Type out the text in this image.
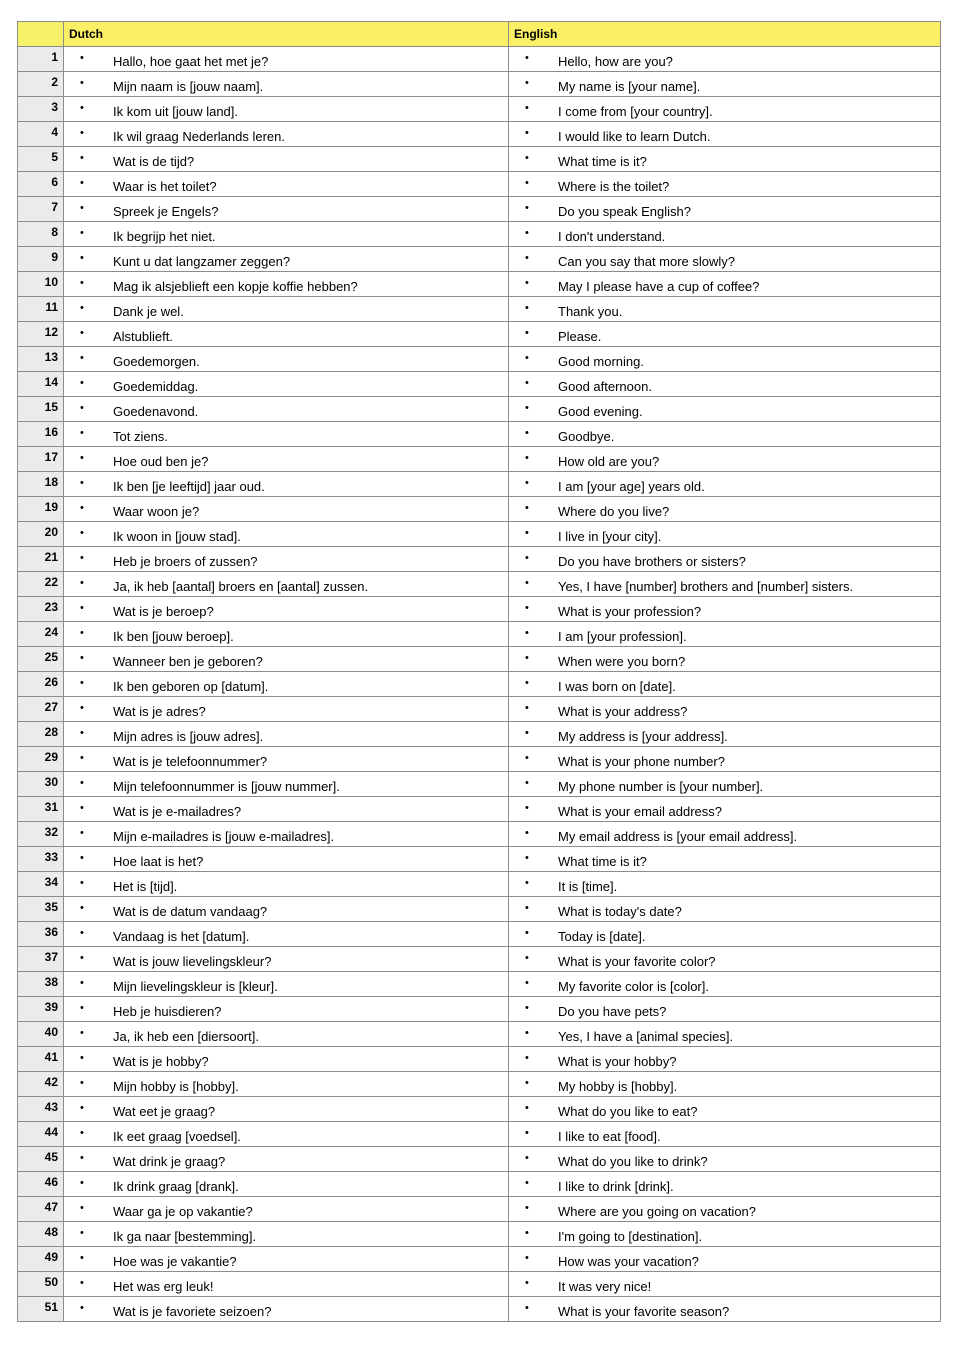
	Dutch	English
1	• Hallo, hoe gaat het met je?	• Hello, how are you?

2	• Mijn naam is [jouw naam].	• My name is [your name].

3	• Ik kom uit [jouw land].	• I come from [your country].

4	• Ik wil graag Nederlands leren.	• I would like to learn Dutch.

5	• Wat is de tijd?	• What time is it?

6	• Waar is het toilet?	• Where is the toilet?

7	• Spreek je Engels?	• Do you speak English?

8	• Ik begrijp het niet.	• I don't understand.

9	• Kunt u dat langzamer zeggen?	• Can you say that more slowly?

10	• Mag ik alsjeblieft een kopje koffie hebben?	• May I please have a cup of coffee?

11	• Dank je wel.	• Thank you.

12	• Alstublieft.	• Please.

13	• Goedemorgen.	• Good morning.

14	• Goedemiddag.	• Good afternoon.

15	• Goedenavond.	• Good evening.

16	• Tot ziens.	• Goodbye.

17	• Hoe oud ben je?	• How old are you?

18	• Ik ben [je leeftijd] jaar oud.	• I am [your age] years old.

19	• Waar woon je?	• Where do you live?

20	• Ik woon in [jouw stad].	• I live in [your city].

21	• Heb je broers of zussen?	• Do you have brothers or sisters?

22	• Ja, ik heb [aantal] broers en [aantal] zussen.	• Yes, I have [number] brothers and [number] sisters.

23	• Wat is je beroep?	• What is your profession?

24	• Ik ben [jouw beroep].	• I am [your profession].

25	• Wanneer ben je geboren?	• When were you born?

26	• Ik ben geboren op [datum].	• I was born on [date].

27	• Wat is je adres?	• What is your address?

28	• Mijn adres is [jouw adres].	• My address is [your address].

29	• Wat is je telefoonnummer?	• What is your phone number?

30	• Mijn telefoonnummer is [jouw nummer].	• My phone number is [your number].

31	• Wat is je e-mailadres?	• What is your email address?

32	• Mijn e-mailadres is [jouw e-mailadres].	• My email address is [your email address].

33	• Hoe laat is het?	• What time is it?

34	• Het is [tijd].	• It is [time].

35	• Wat is de datum vandaag?	• What is today's date?

36	• Vandaag is het [datum].	• Today is [date].

37	• Wat is jouw lievelingskleur?	• What is your favorite color?

38	• Mijn lievelingskleur is [kleur].	• My favorite color is [color].

39	• Heb je huisdieren?	• Do you have pets?

40	• Ja, ik heb een [diersoort].	• Yes, I have a [animal species].

41	• Wat is je hobby?	• What is your hobby?

42	• Mijn hobby is [hobby].	• My hobby is [hobby].

43	• Wat eet je graag?	• What do you like to eat?

44	• Ik eet graag [voedsel].	• I like to eat [food].

45	• Wat drink je graag?	• What do you like to drink?

46	• Ik drink graag [drank].	• I like to drink [drink].

47	• Waar ga je op vakantie?	• Where are you going on vacation?

48	• Ik ga naar [bestemming].	• I'm going to [destination].

49	• Hoe was je vakantie?	• How was your vacation?

50	• Het was erg leuk!	• It was very nice!

51	• Wat is je favoriete seizoen?	• What is your favorite season?
